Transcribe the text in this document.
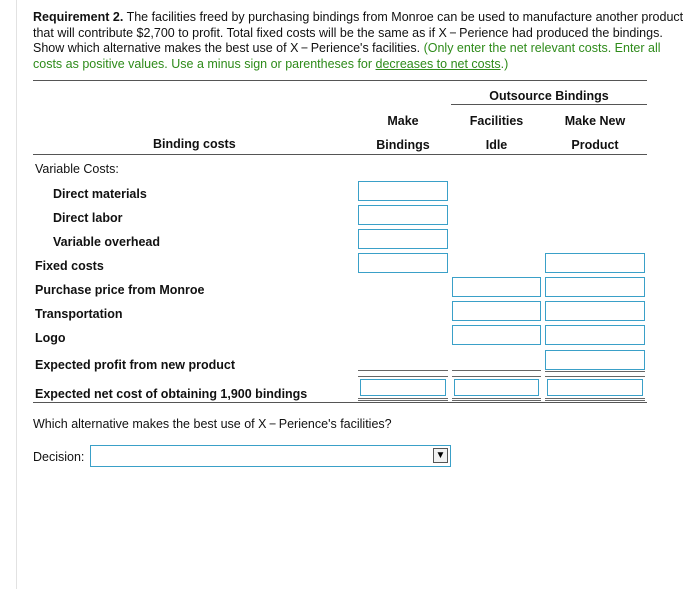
Requirement 2. The facilities freed by purchasing bindings from Monroe can be used to manufacture another product that will contribute $2,700 to profit. Total fixed costs will be the same as if X − Perience had produced the bindings. Show which alternative makes the best use of X − Perience's facilities. (Only enter the net relevant costs. Enter all costs as positive values. Use a minus sign or parentheses for decreases to net costs.)
Outsource Bindings
Make
Bindings
Facilities
Idle
Make New
Product
Binding costs
Variable Costs:
Direct materials
Direct labor
Variable overhead
Fixed costs
Purchase price from Monroe
Transportation
Logo
Expected profit from new product
Expected net cost of obtaining 1,900 bindings
Which alternative makes the best use of X − Perience's facilities?
Decision:	▼
